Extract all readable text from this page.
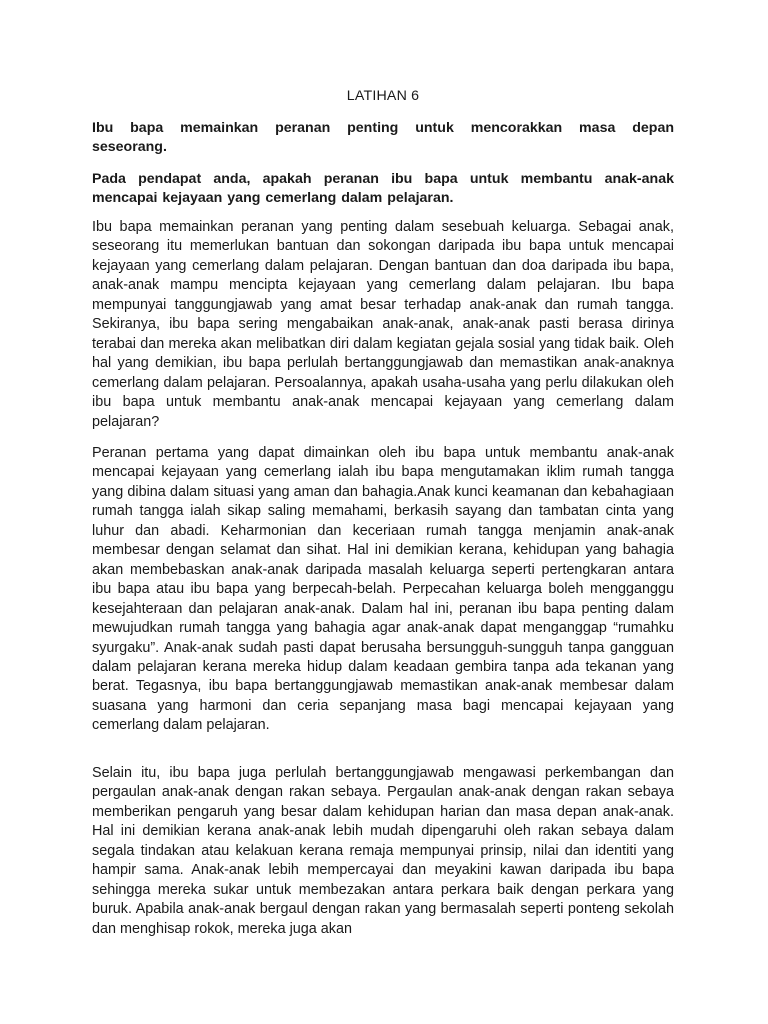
LATIHAN 6
Ibu bapa memainkan peranan penting untuk mencorakkan masa depan seseorang.
Pada pendapat anda, apakah peranan ibu bapa untuk membantu anak-anak mencapai kejayaan yang cemerlang dalam pelajaran.

Ibu bapa memainkan peranan yang penting dalam sesebuah keluarga. Sebagai anak, seseorang itu memerlukan bantuan dan sokongan daripada ibu bapa untuk mencapai kejayaan yang cemerlang dalam pelajaran. Dengan bantuan dan doa daripada ibu bapa, anak-anak mampu mencipta kejayaan yang cemerlang dalam pelajaran. Ibu bapa mempunyai tanggungjawab yang amat besar terhadap anak-anak dan rumah tangga. Sekiranya, ibu bapa sering mengabaikan anak-anak, anak-anak pasti berasa dirinya terabai dan mereka akan melibatkan diri dalam kegiatan gejala sosial yang tidak baik. Oleh hal yang demikian, ibu bapa perlulah bertanggungjawab dan memastikan anak-anaknya cemerlang dalam pelajaran. Persoalannya, apakah usaha-usaha yang perlu dilakukan oleh ibu bapa untuk membantu anak-anak mencapai kejayaan yang cemerlang dalam pelajaran?

Peranan pertama yang dapat dimainkan oleh ibu bapa untuk membantu anak-anak mencapai kejayaan yang cemerlang ialah ibu bapa mengutamakan iklim rumah tangga yang dibina dalam situasi yang aman dan bahagia.Anak kunci keamanan dan kebahagiaan rumah tangga ialah sikap saling memahami, berkasih sayang dan tambatan cinta yang luhur dan abadi. Keharmonian dan keceriaan rumah tangga menjamin anak-anak membesar dengan selamat dan sihat. Hal ini demikian kerana, kehidupan yang bahagia akan membebaskan anak-anak daripada masalah keluarga seperti pertengkaran antara ibu bapa atau ibu bapa yang berpecah-belah. Perpecahan keluarga boleh mengganggu kesejahteraan dan pelajaran anak-anak. Dalam hal ini, peranan ibu bapa penting dalam mewujudkan rumah tangga yang bahagia agar anak-anak dapat menganggap “rumahku syurgaku”. Anak-anak sudah pasti dapat berusaha bersungguh-sungguh tanpa gangguan dalam pelajaran kerana mereka hidup dalam keadaan gembira tanpa ada tekanan yang berat. Tegasnya, ibu bapa bertanggungjawab memastikan anak-anak membesar dalam suasana yang harmoni dan ceria sepanjang masa bagi mencapai kejayaan yang cemerlang dalam pelajaran.

Selain itu, ibu bapa juga perlulah bertanggungjawab mengawasi perkembangan dan pergaulan anak-anak dengan rakan sebaya. Pergaulan anak-anak dengan rakan sebaya memberikan pengaruh yang besar dalam kehidupan harian dan masa depan anak-anak. Hal ini demikian kerana anak-anak lebih mudah dipengaruhi oleh rakan sebaya dalam segala tindakan atau kelakuan kerana remaja mempunyai prinsip, nilai dan identiti yang hampir sama. Anak-anak lebih mempercayai dan meyakini kawan daripada ibu bapa sehingga mereka sukar untuk membezakan antara perkara baik dengan perkara yang buruk. Apabila anak-anak bergaul dengan rakan yang bermasalah seperti ponteng sekolah dan menghisap rokok, mereka juga akan
